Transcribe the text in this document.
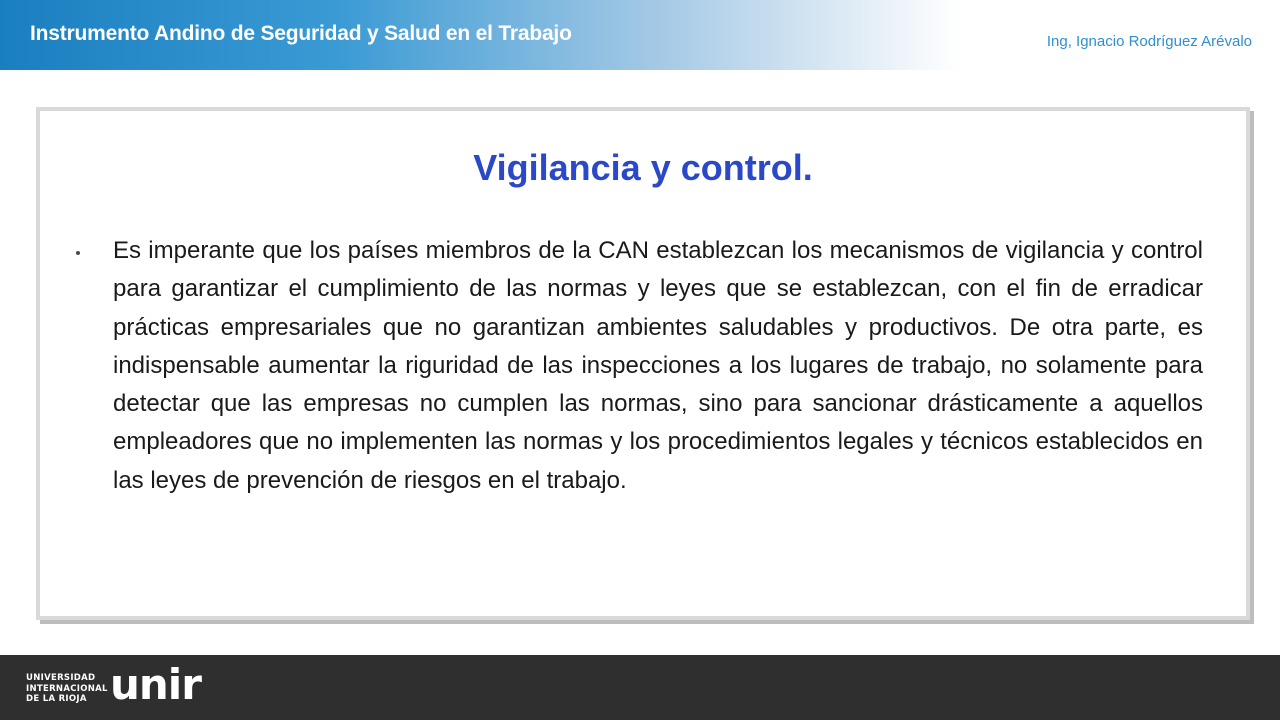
Instrumento Andino de Seguridad y Salud en el Trabajo	Ing, Ignacio Rodríguez Arévalo
Vigilancia y control.
Es imperante que los países miembros de la CAN establezcan los mecanismos de vigilancia y control para garantizar el cumplimiento de las normas y leyes que se establezcan, con el fin de erradicar prácticas empresariales que no garantizan ambientes saludables y productivos. De otra parte, es indispensable aumentar la riguridad de las inspecciones a los lugares de trabajo, no solamente para detectar que las empresas no cumplen las normas, sino para sancionar drásticamente a aquellos empleadores que no implementen las normas y los procedimientos legales y técnicos establecidos en las leyes de prevención de riesgos en el trabajo.
UNIVERSIDAD
INTERNACIONAL
DE LA RIOJA unir
